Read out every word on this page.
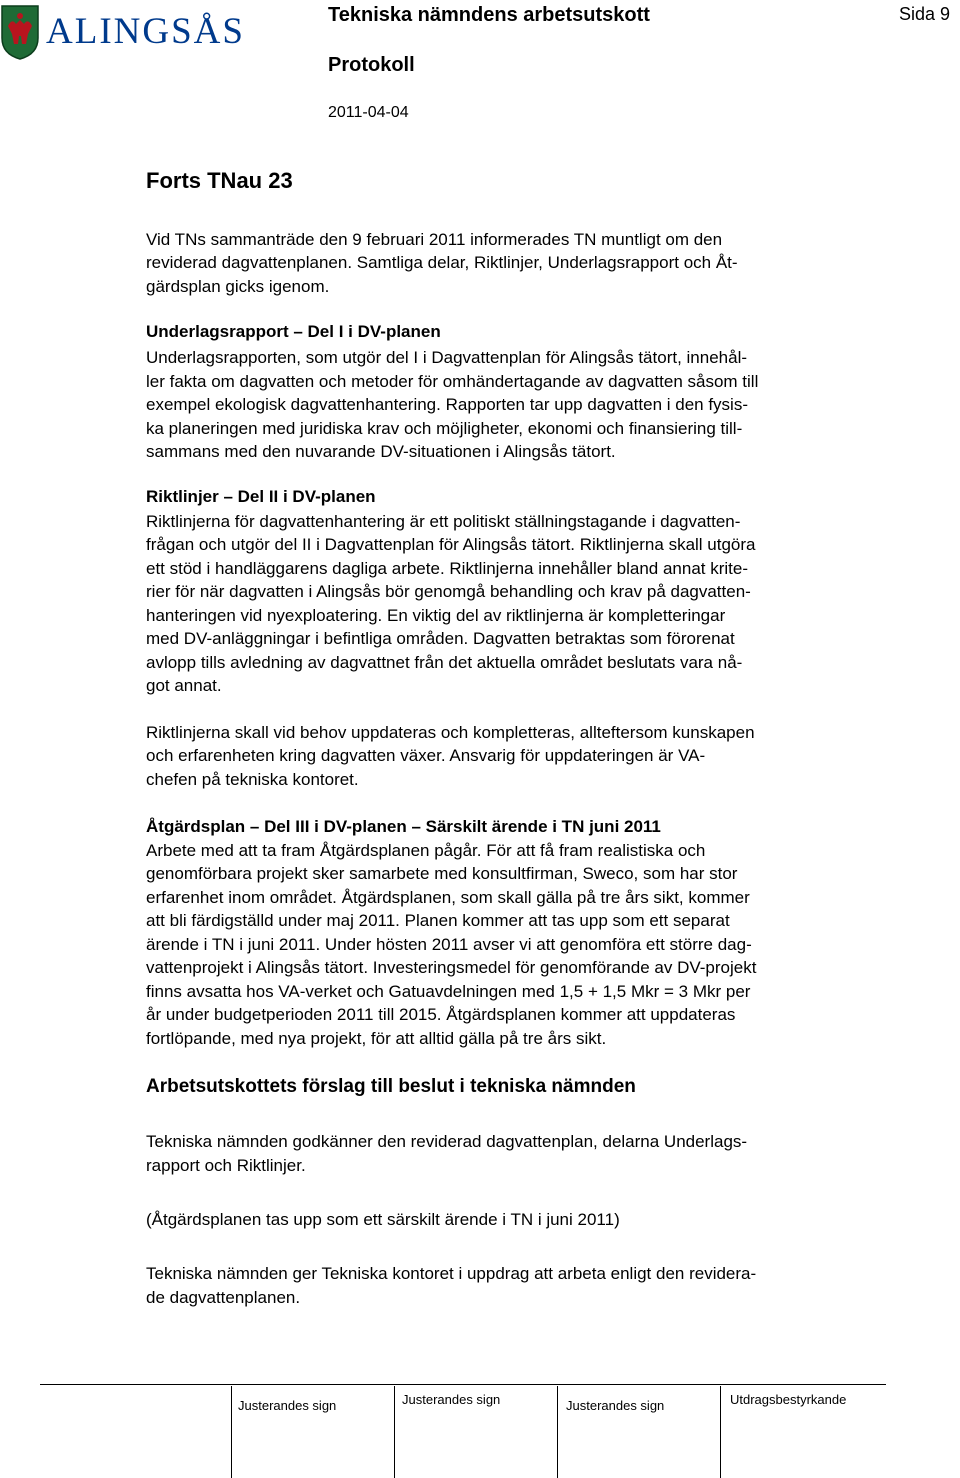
ALINGSÅS	Tekniska nämndens arbetsutskott	Sida 9
Protokoll
2011-04-04
Forts TNau 23
Vid TNs sammanträde den 9 februari 2011 informerades TN muntligt om den
reviderad dagvattenplanen. Samtliga delar, Riktlinjer, Underlagsrapport och Åt-
gärdsplan gicks igenom.
Underlagsrapport – Del I i DV-planen
Underlagsrapporten, som utgör del I i Dagvattenplan för Alingsås tätort, innehål-
ler fakta om dagvatten och metoder för omhändertagande av dagvatten såsom till
exempel ekologisk dagvattenhantering. Rapporten tar upp dagvatten i den fysis-
ka planeringen med juridiska krav och möjligheter, ekonomi och finansiering till-
sammans med den nuvarande DV-situationen i Alingsås tätort.
Riktlinjer – Del II i DV-planen
Riktlinjerna för dagvattenhantering är ett politiskt ställningstagande i dagvatten-
frågan och utgör del II i Dagvattenplan för Alingsås tätort. Riktlinjerna skall utgöra
ett stöd i handläggarens dagliga arbete. Riktlinjerna innehåller bland annat krite-
rier för när dagvatten i Alingsås bör genomgå behandling och krav på dagvatten-
hanteringen vid nyexploatering. En viktig del av riktlinjerna är kompletteringar
med DV-anläggningar i befintliga områden. Dagvatten betraktas som förorenat
avlopp tills avledning av dagvattnet från det aktuella området beslutats vara nå-
got annat.
Riktlinjerna skall vid behov uppdateras och kompletteras, allteftersom kunskapen
och erfarenheten kring dagvatten växer. Ansvarig för uppdateringen är VA-
chefen på tekniska kontoret.
Åtgärdsplan – Del III i DV-planen – Särskilt ärende i TN juni 2011
Arbete med att ta fram Åtgärdsplanen pågår. För att få fram realistiska och
genomförbara projekt sker samarbete med konsultfirman, Sweco, som har stor
erfarenhet inom området. Åtgärdsplanen, som skall gälla på tre års sikt, kommer
att bli färdigställd under maj 2011. Planen kommer att tas upp som ett separat
ärende i TN i juni 2011. Under hösten 2011 avser vi att genomföra ett större dag-
vattenprojekt i Alingsås tätort. Investeringsmedel för genomförande av DV-projekt
finns avsatta hos VA-verket och Gatuavdelningen med 1,5 + 1,5 Mkr = 3 Mkr per
år under budgetperioden 2011 till 2015. Åtgärdsplanen kommer att uppdateras
fortlöpande, med nya projekt, för att alltid gälla på tre års sikt.
Arbetsutskottets förslag till beslut i tekniska nämnden
Tekniska nämnden godkänner den reviderad dagvattenplan, delarna Underlags-
rapport och Riktlinjer.
(Åtgärdsplanen tas upp som ett särskilt ärende i TN i juni 2011)
Tekniska nämnden ger Tekniska kontoret i uppdrag att arbeta enligt den revidera-
de dagvattenplanen.
Justerandes sign	Justerandes sign	Justerandes sign	Utdragsbestyrkande
